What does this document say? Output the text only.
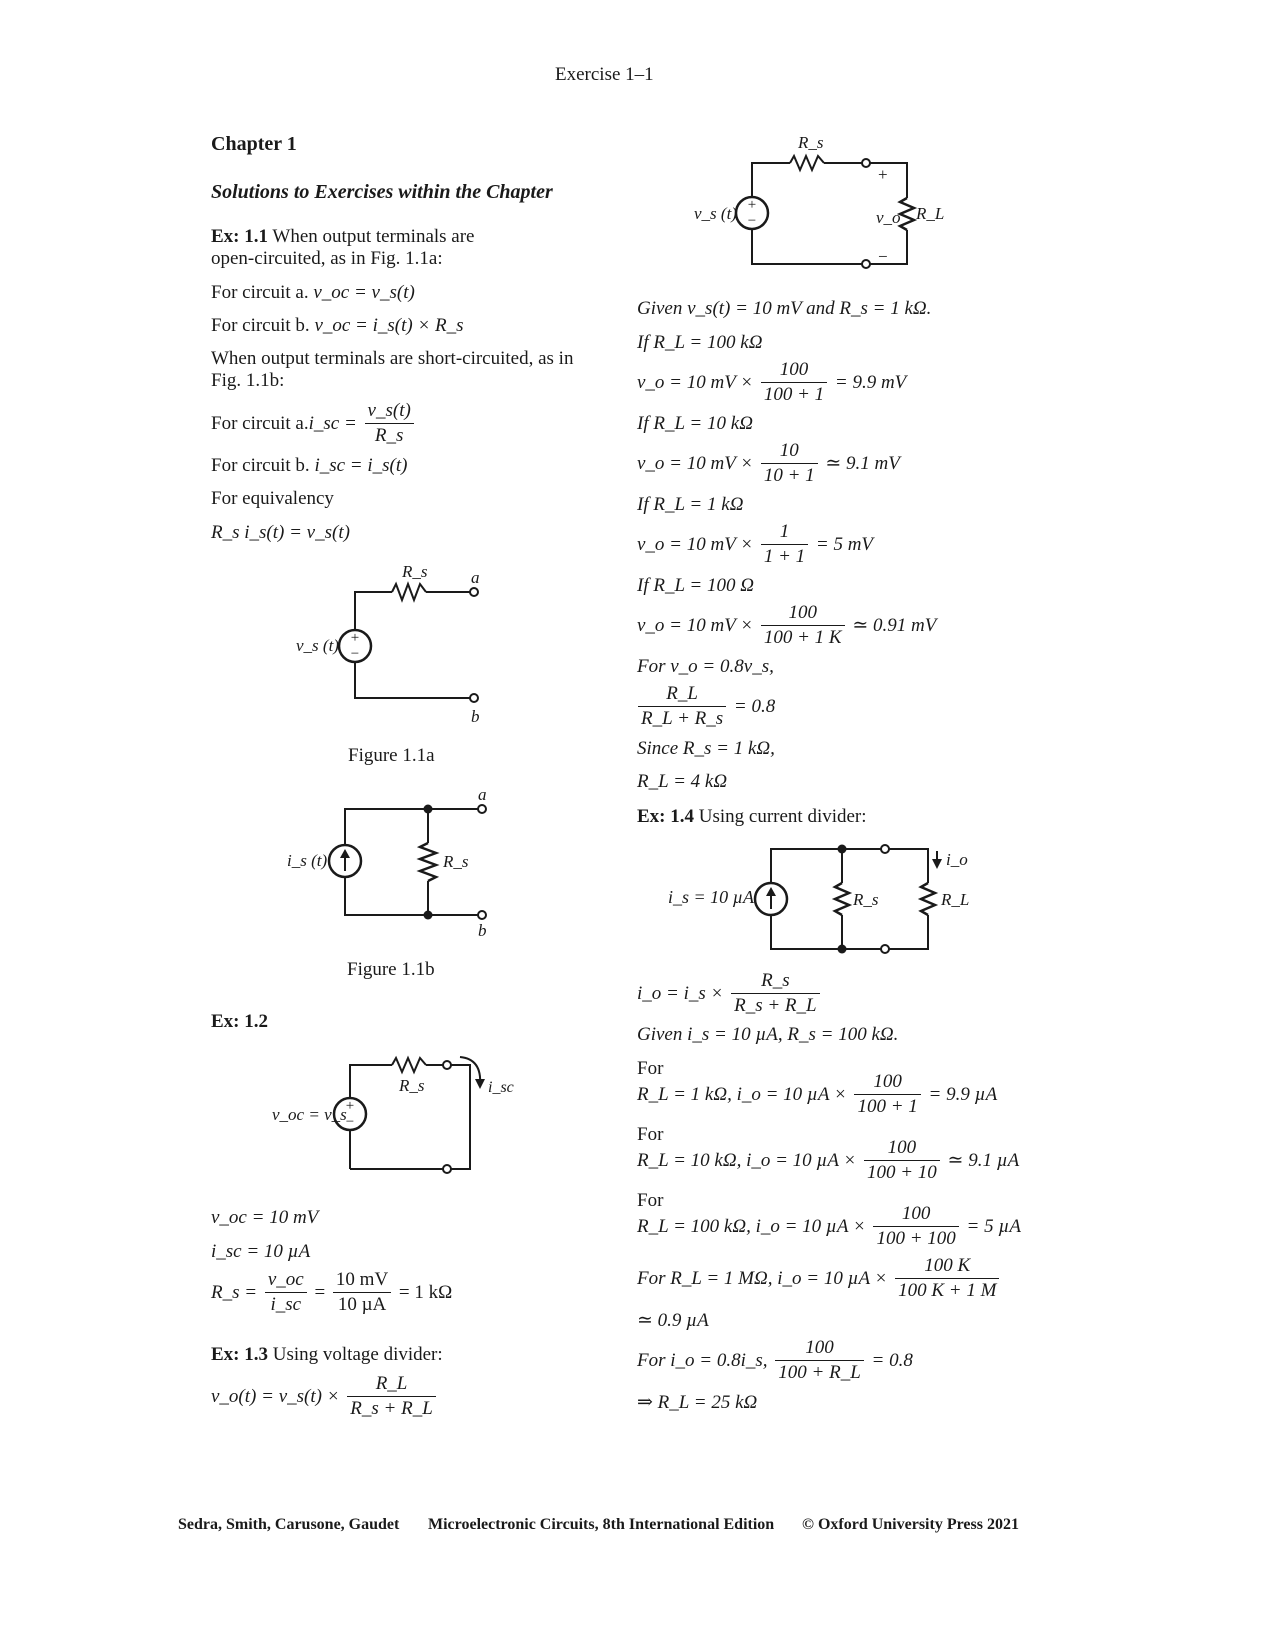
Exercise 1–1
Chapter 1
Solutions to Exercises within the Chapter
Ex: 1.1 When output terminals are
open-circuited, as in Fig. 1.1a:
For circuit a. v_oc = v_s(t)
For circuit b. v_oc = i_s(t) × R_s
When output terminals are short-circuited, as in
Fig. 1.1b:
For circuit a.i_sc = $\frac{v\_s(t)}{R\_s}$
For circuit b. i_sc = i_s(t)
For equivalency
R_s i_s(t) = v_s(t)
+
−
v_s (t)
R_s	a
b
Figure 1.1a
i_s (t)	R_s
a
b
Figure 1.1b
Ex: 1.2
+
−
v_oc = v_s
R_s	i_sc
v_oc = 10 mV
i_sc = 10 µA
R_s = $\frac{v\_oc}{i\_sc} = \frac{10 mV}{\text{10 µA}} = 1$ kΩ
Ex: 1.3 Using voltage divider:
v_o(t) = v_s(t) × $\frac{R\_L}{R\_s + R\_L}$
+
−
v_s (t)
R_s
R_L
v_o
+
−
Given v_s(t) = 10 mV and R_s = 1 kΩ.
If R_L = 100 kΩ
v_o = 10 mV × $\frac{100}{100 + 1} = 9.9$ mV
If R_L = 10 kΩ
v_o = 10 mV × $\frac{10}{10 + 1}$ ≃ 9.1 mV
If R_L = 1 kΩ
v_o = 10 mV × $\frac{1}{1 + 1} = 5$ mV
If R_L = 100 Ω
v_o = 10 mV × $\frac{100}{100 + 1 K}$ ≃ 0.91 mV
For v_o = 0.8v_s,
$\frac{R\_L}{R\_L + R\_s} = 0.8$
Since R_s = 1 kΩ,
R_L = 4 kΩ
Ex: 1.4 Using current divider:
i_s = 10 µA	R_s	R_L
i_o
i_o = i_s × $\frac{R\_s}{R\_s + R\_L}$
Given i_s = 10 µA, R_s = 100 kΩ.
For
R_L = 1 kΩ, i_o = 10 $\mu A \times \frac{100}{100 + 1} = 9.9$ µA
For
R_L = 10 kΩ, i_o = 10 $\mu A \times \frac{100}{100 + 10}$ ≃ 9.1 µA
For
R_L = 100 kΩ, i_o = 10 $\mu A \times \frac{100}{100 + 100} = 5$ µA
For R_L = 1 MΩ, i_o = 10 $\mu A \times \frac{100 K}{100 K + 1 M}$
≃ 0.9 µA
For i_o = 0.8i_s, $\frac{100}{100 + R\_L} = 0.8$
⇒ R_L = 25 kΩ
Sedra, Smith, Carusone, Gaudet Microelectronic Circuits, 8th International Edition © Oxford University Press 2021
